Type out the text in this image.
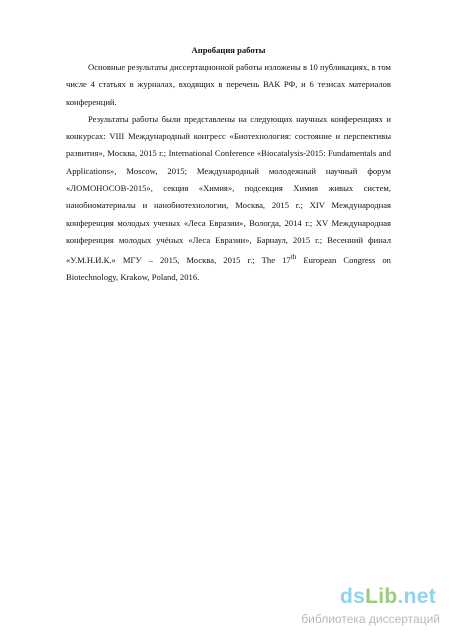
Апробация работы

Основные результаты диссертационной работы изложены в 10 публикациях, в том числе 4 статьях в журналах, входящих в перечень ВАК РФ, и 6 тезисах материалов конференций.

Результаты работы были представлены на следующих научных конференциях и конкурсах: VIII Международный конгресс «Биотехнология: состояние и перспективы развития», Москва, 2015 г.; International Conference «Biocatalysis-2015: Fundamentals and Applications», Moscow, 2015; Международный молодежный научный форум «ЛОМОНОСОВ-2015», секция «Химия», подсекция Химия живых систем, нанобиоматериалы и нанобиотехнологии, Москва, 2015 г.; XIV Международная конференция молодых ученых «Леса Евразии», Вологда, 2014 г.; XV Международная конференция молодых учёных «Леса Евразии», Барнаул, 2015 г.; Весенний финал «У.М.Н.И.К.» МГУ – 2015, Москва, 2015 г.; The 17th European Congress on Biotechnology, Krakow, Poland, 2016.

dsLib.net
библиотека диссертаций
